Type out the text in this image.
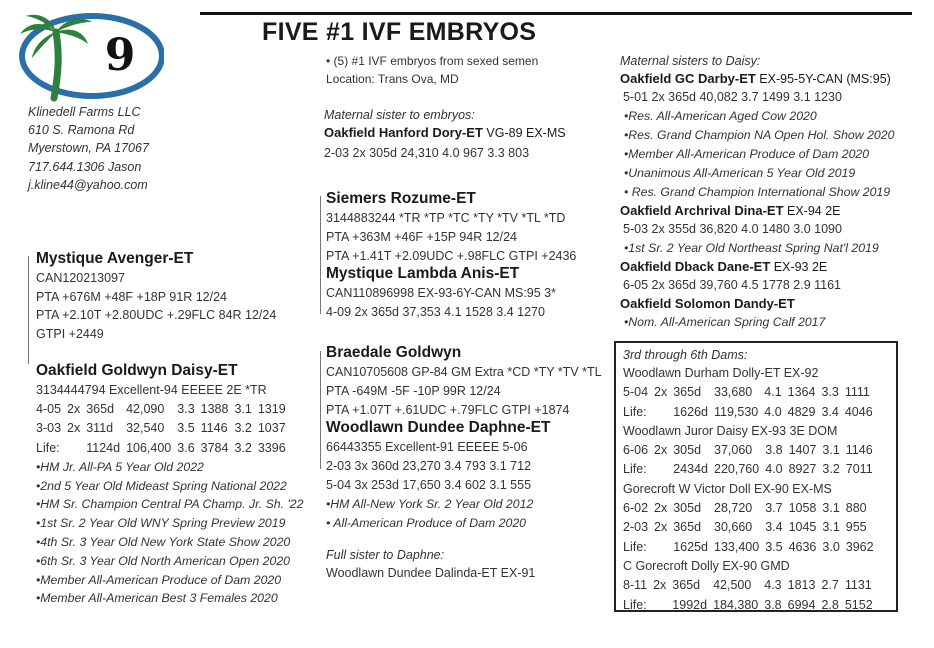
FIVE #1 IVF EMBRYOS
9
Klinedell Farms LLC
610 S. Ramona Rd
Myerstown, PA 17067
717.644.1306 Jason
j.kline44@yahoo.com
• (5) #1 IVF embryos from sexed semen
Location: Trans Ova, MD
Maternal sister to embryos:
Oakfield Hanford Dory-ET VG-89 EX-MS
2-03 2x 305d 24,310 4.0 967 3.3 803
Mystique Avenger-ET
CAN120213097
PTA +676M +48F +18P 91R 12/24
PTA +2.10T +2.80UDC +.29FLC 84R 12/24
GTPI +2449
Oakfield Goldwyn Daisy-ET
3134444794 Excellent-94 EEEEE 2E *TR
4-05	2x	365d	42,090	3.3	1388	3.1	1319
3-03	2x	311d	32,540	3.5	1146	3.2	1037
Life:		1124d	106,400	3.6	3784	3.2	3396
•HM Jr. All-PA 5 Year Old 2022
•2nd 5 Year Old Mideast Spring National 2022
•HM Sr. Champion Central PA Champ. Jr. Sh. '22
•1st Sr. 2 Year Old WNY Spring Preview 2019
•4th Sr. 3 Year Old New York State Show 2020
•6th Sr. 3 Year Old North American Open 2020
•Member All-American Produce of Dam 2020
•Member All-American Best 3 Females 2020
Siemers Rozume-ET
3144883244 *TR *TP *TC *TY *TV *TL *TD
PTA +363M +46F +15P 94R 12/24
PTA +1.41T +2.09UDC +.98FLC GTPI +2436
Mystique Lambda Anis-ET
CAN110896998 EX-93-6Y-CAN MS:95 3*
4-09 2x 365d 37,353 4.1 1528 3.4 1270
Braedale Goldwyn
CAN10705608 GP-84 GM Extra *CD *TY *TV *TL
PTA -649M -5F -10P 99R 12/24
PTA +1.07T +.61UDC +.79FLC GTPI +1874
Woodlawn Dundee Daphne-ET
66443355 Excellent-91 EEEEE 5-06
2-03 3x 360d 23,270 3.4 793 3.1 712
5-04 3x 253d 17,650 3.4 602 3.1 555
•HM All-New York Sr. 2 Year Old 2012
• All-American Produce of Dam 2020
Full sister to Daphne:
Woodlawn Dundee Dalinda-ET EX-91
Maternal sisters to Daisy:
Oakfield GC Darby-ET EX-95-5Y-CAN (MS:95)
5-01 2x 365d 40,082 3.7 1499 3.1 1230
•Res. All-American Aged Cow 2020
•Res. Grand Champion NA Open Hol. Show 2020
•Member All-American Produce of Dam 2020
•Unanimous All-American 5 Year Old 2019
• Res. Grand Champion International Show 2019
Oakfield Archrival Dina-ET EX-94 2E
5-03 2x 355d 36,820 4.0 1480 3.0 1090
•1st Sr. 2 Year Old Northeast Spring Nat'l 2019
Oakfield Dback Dane-ET EX-93 2E
6-05 2x 365d 39,760 4.5 1778 2.9 1161
Oakfield Solomon Dandy-ET
•Nom. All-American Spring Calf 2017
3rd through 6th Dams:
Woodlawn Durham Dolly-ET EX-92
5-04	2x	365d	33,680	4.1	1364	3.3	1111
Life:		1626d	119,530	4.0	4829	3.4	4046
Woodlawn Juror Daisy EX-93 3E DOM
6-06	2x	305d	37,060	3.8	1407	3.1	1146
Life:		2434d	220,760	4.0	8927	3.2	7011
Gorecroft W Victor Doll EX-90 EX-MS
6-02	2x	305d	28,720	3.7	1058	3.1	880
2-03	2x	365d	30,660	3.4	1045	3.1	955
Life:		1625d	133,400	3.5	4636	3.0	3962
C Gorecroft Dolly EX-90 GMD
8-11	2x	365d	42,500	4.3	1813	2.7	1131
Life:		1992d	184,380	3.8	6994	2.8	5152
